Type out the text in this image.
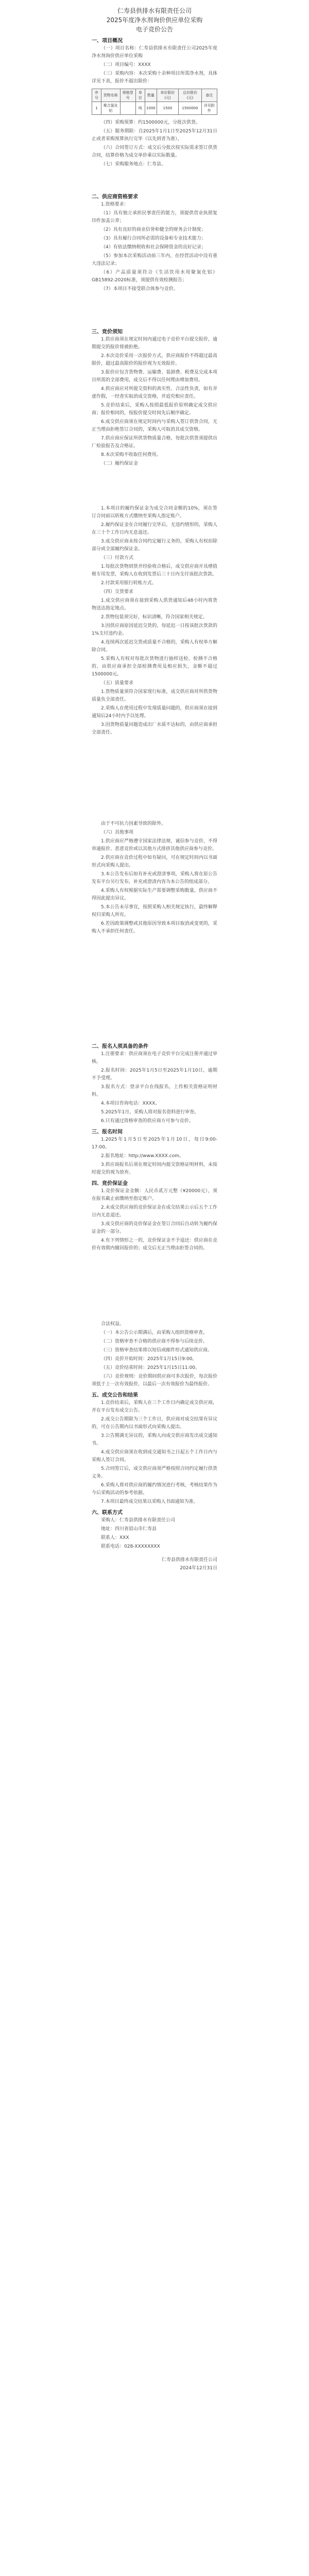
仁寿县供排水有限责任公司
2025年度净水剂询价供应单位采购
电子竞价公告
一、项目概况

（一）项目名称：仁寿县供排水有限责任公司2025年度净水剂询价供应单位采购

（二）项目编号：XXXX

（三）采购内容：本次采购十余种项目所需净水剂，具体详见下表，报价不超出限价：

序号	货物名称	规格型号	单位	数量	单价限价(元)	总价限价(元)	备注
1	聚合氯化铝		吨	1000	1500	1500000	详见附件

（四）采购预算：约1500000元，分批次供货。

（五）服务期限：自2025年1月1日至2025年12月31日止或者采购预算执行完毕（以先到者为准）。

（六）合同签订方式：成交后分批次按实际需求签订供货合同，结算价格为成交单价乘以实际数量。

（七）采购服务地点：仁寿县。

二、供应商资格要求

1.资格要求：

（1）具有独立承担民事责任的能力，须提供营业执照复印件加盖公章；

（2）具有良好的商业信誉和健全的财务会计制度；

（3）具有履行合同所必需的设备和专业技术能力；

（4）有依法缴纳税收和社会保障资金的良好记录；

（5）参加本次采购活动前三年内，在经营活动中没有重大违法记录；

（6）产品质量须符合《生活饮用水用聚氯化铝》GB15892-2020标准，须提供有效检测报告；

（7）本项目不接受联合体参与竞价。

三、竞价须知

1.供应商须在规定时间内通过电子竞价平台提交报价，逾期提交的报价将被拒绝。

2.本次竞价采用一次报价方式，供应商报价不得超过最高限价，超过最高限价的报价视为无效报价。

3.报价应包含货物费、运输费、装卸费、税费及完成本项目所需的全部费用，成交后不得以任何理由增加费用。

4.供应商应对所提交资料的真实性、合法性负责，如有弄虚作假，一经查实取消成交资格，并追究相应责任。

5.竞价结束后，采购人按照最低报价原则确定成交供应商；报价相同的，按报价提交时间先后顺序确定。

6.成交供应商须在规定时间内与采购人签订供货合同，无正当理由拒绝签订合同的，采购人可取消其成交资格。

7.供应商应保证所供货物质量合格，每批次供货须提供出厂检验报告及合格证。

8.本次采购不收取任何费用。

（二）履约保证金

1.本项目的履约保证金为成交合同金额的10%，须在签订合同前以转账方式缴纳至采购人指定账户。

2.履约保证金在合同履行完毕后，无违约情形的，采购人在三十个工作日内无息退还。

3.成交供应商未按合同约定履行义务的，采购人有权扣除部分或全部履约保证金。

（三）付款方式

1.每批次货物到货并经验收合格后，成交供应商开具增值税专用发票，采购人在收到发票后三十日内支付该批次货款。

2.付款采用银行转账方式。

（四）交货要求

1.成交供应商须在接到采购人供货通知后48小时内将货物送达指定地点。

2.货物包装须完好，标识清晰，符合国家相关规定。

3.因供应商原因延迟交货的，每延迟一日按该批次货款的1%支付违约金。

4.连续两次延迟交货或质量不合格的，采购人有权单方解除合同。

5.采购人有权对每批次货物进行抽样送检，检测不合格的，由供应商承担全部检测费用及相应损失，金额不超过1500000元。

（五）质量要求

1.货物质量须符合国家现行标准，成交供应商对所供货物质量负全部责任。

2.采购人在使用过程中发现质量问题的，供应商须在接到通知后24小时内予以处理。

3.因货物质量问题造成出厂水质不达标的，由供应商承担全部责任。

由于不可抗力因素导致的除外。

（六）其他事项

1.供应商应严格遵守国家法律法规，诚信参与竞价，不得串通报价、恶意竞价或以其他方式排挤其他供应商参与竞价。

2.供应商在竞价过程中如有疑问，可在规定时间内以书面形式向采购人提出。

3.本公告发布后如有补充或澄清事项，采购人将在原公告发布平台另行发布，补充或澄清内容为本公告的组成部分。

4.采购人有权根据实际生产需要调整采购数量，供应商不得因此提出异议。

5.本公告未尽事宜，按照采购人相关规定执行，最终解释权归采购人所有。

6.若因政策调整或其他原因导致本项目取消或变更的，采购人不承担任何责任。

二、报名人须具备的条件

1.注册要求：供应商须在电子竞价平台完成注册并通过审核。

2.报名时间：2025年1月5日至2025年1月10日，逾期不予受理。

3.报名方式：登录平台在线报名，上传相关资格证明材料。

4.本项目咨询电话：XXXX。

5.2025年1月，采购人将对报名资料进行审查。

6.只有通过资格审查的供应商方可参与竞价。

三、报名时间

1.2025年1月5日至2025年1月10日，每日9:00-17:00。

2.报名地址：http://www.XXXX.com。

3.供应商报名后须在规定时间内提交资格证明材料，未按时提交的视为放弃。

四、竞价保证金

1.竞价保证金金额：人民币贰万元整（¥20000元），须在报名截止前缴纳至指定账户。

2.未成交供应商的竞价保证金在成交结果公示后五个工作日内无息退还。

3.成交供应商的竞价保证金在签订合同后自动转为履约保证金的一部分。

4.有下列情形之一的，竞价保证金不予退还：供应商在竞价有效期内撤回报价的；成交后无正当理由拒签合同的。

合法权益。

（一）本公告公示期满后，由采购人组织资格审查。

（二）资格审查不合格的供应商不得参与后续竞价。

（三）资格审查结果将以短信或邮件形式通知供应商。

（四）竞价开始时间：2025年1月15日9:00。

（五）竞价结束时间：2025年1月15日11:00。

（六）竞价规则：竞价期间供应商可多次报价，每次报价须低于上一次有效报价，以最后一次有效报价为最终报价。

五、成交公告和结果

1.竞价结束后，采购人在三个工作日内确定成交供应商，并在平台发布成交公告。

2.成交公告期限为三个工作日，供应商对成交结果有异议的，可在公告期内以书面形式向采购人提出。

3.公告期满无异议的，采购人向成交供应商发出成交通知书。

4.成交供应商须在收到成交通知书之日起五个工作日内与采购人签订合同。

5.合同签订后，成交供应商须严格按照合同约定履行供货义务。

6.采购人将对供应商的履约情况进行考核，考核结果作为今后采购活动的参考依据。

7.本项目最终成交结果以采购人书面通知为准。

六、联系方式

采购人：仁寿县供排水有限责任公司

地址：四川省眉山市仁寿县

联系人：XXX

联系电话：028-XXXXXXXX

仁寿县供排水有限责任公司
2024年12月31日
